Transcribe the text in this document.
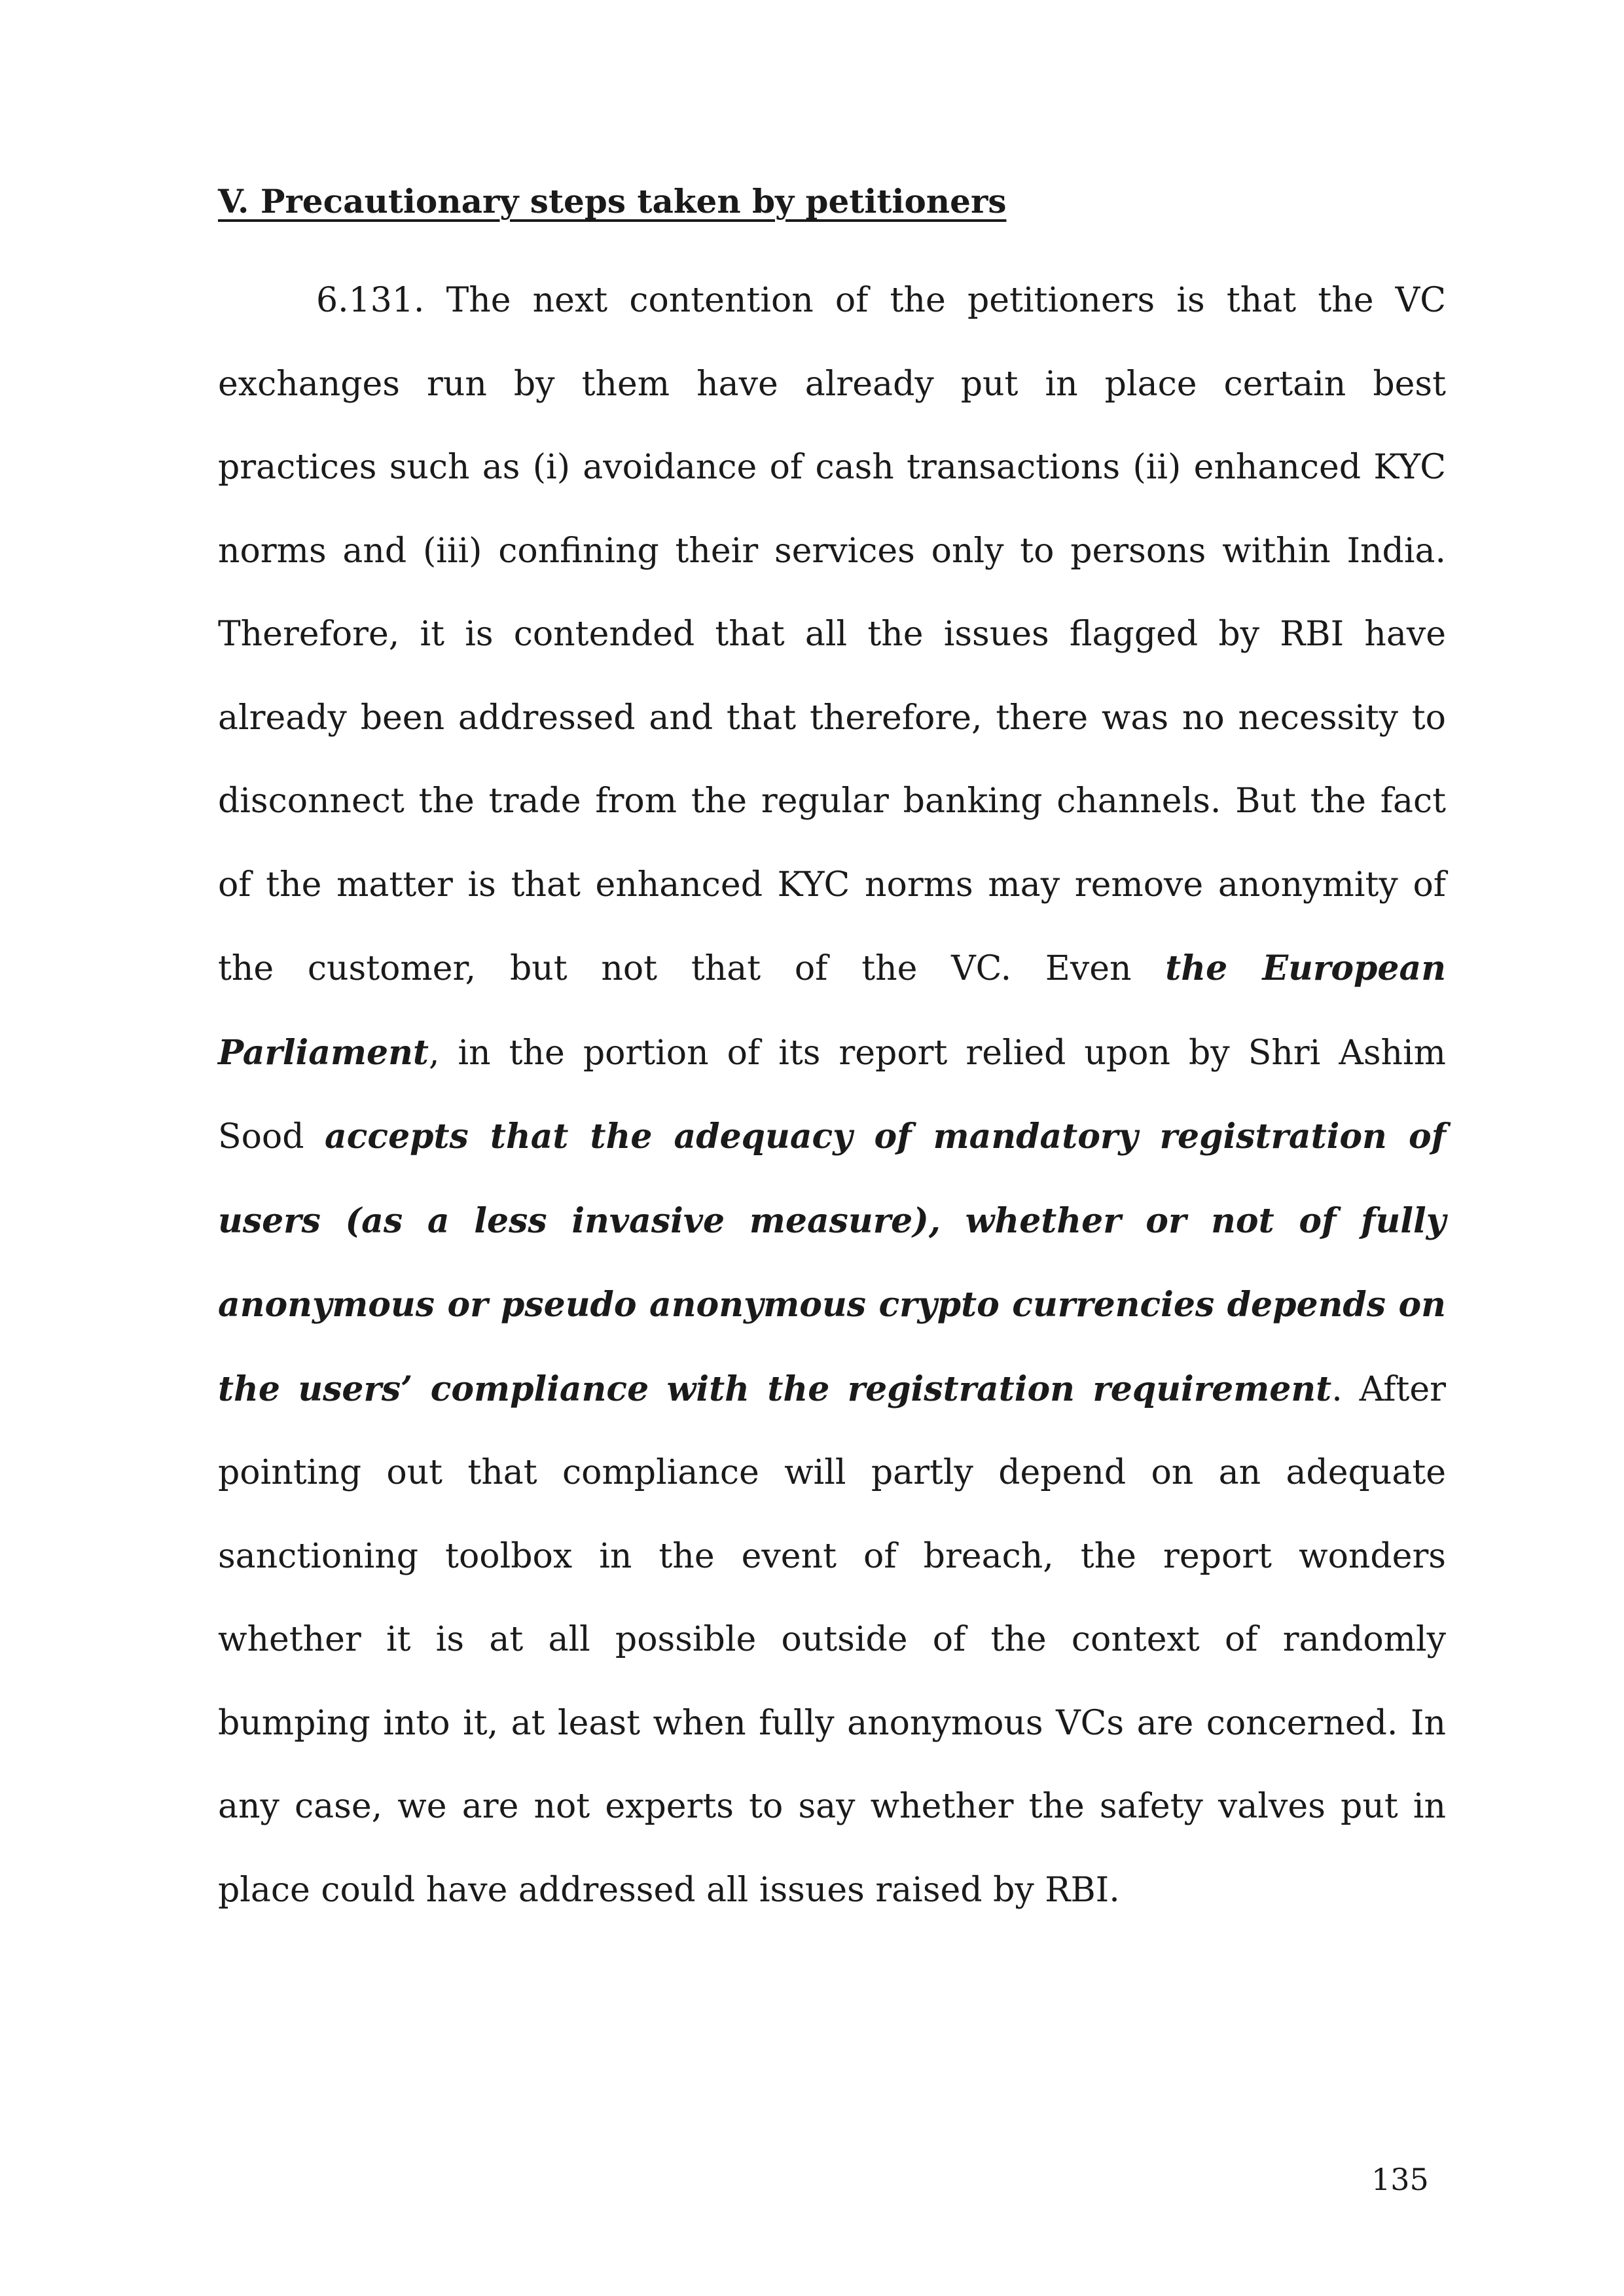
V. Precautionary steps taken by petitioners

6.131. The next contention of the petitioners is that the VC exchanges run by them have already put in place certain best practices such as (i) avoidance of cash transactions (ii) enhanced KYC norms and (iii) confining their services only to persons within India. Therefore, it is contended that all the issues flagged by RBI have already been addressed and that therefore, there was no necessity to disconnect the trade from the regular banking channels. But the fact of the matter is that enhanced KYC norms may remove anonymity of the customer, but not that of the VC. Even the European Parliament, in the portion of its report relied upon by Shri Ashim Sood accepts that the adequacy of mandatory registration of users (as a less invasive measure), whether or not of fully anonymous or pseudo anonymous crypto currencies depends on the users’ compliance with the registration requirement. After pointing out that compliance will partly depend on an adequate sanctioning toolbox in the event of breach, the report wonders whether it is at all possible outside of the context of randomly bumping into it, at least when fully anonymous VCs are concerned. In any case, we are not experts to say whether the safety valves put in place could have addressed all issues raised by RBI.

135
